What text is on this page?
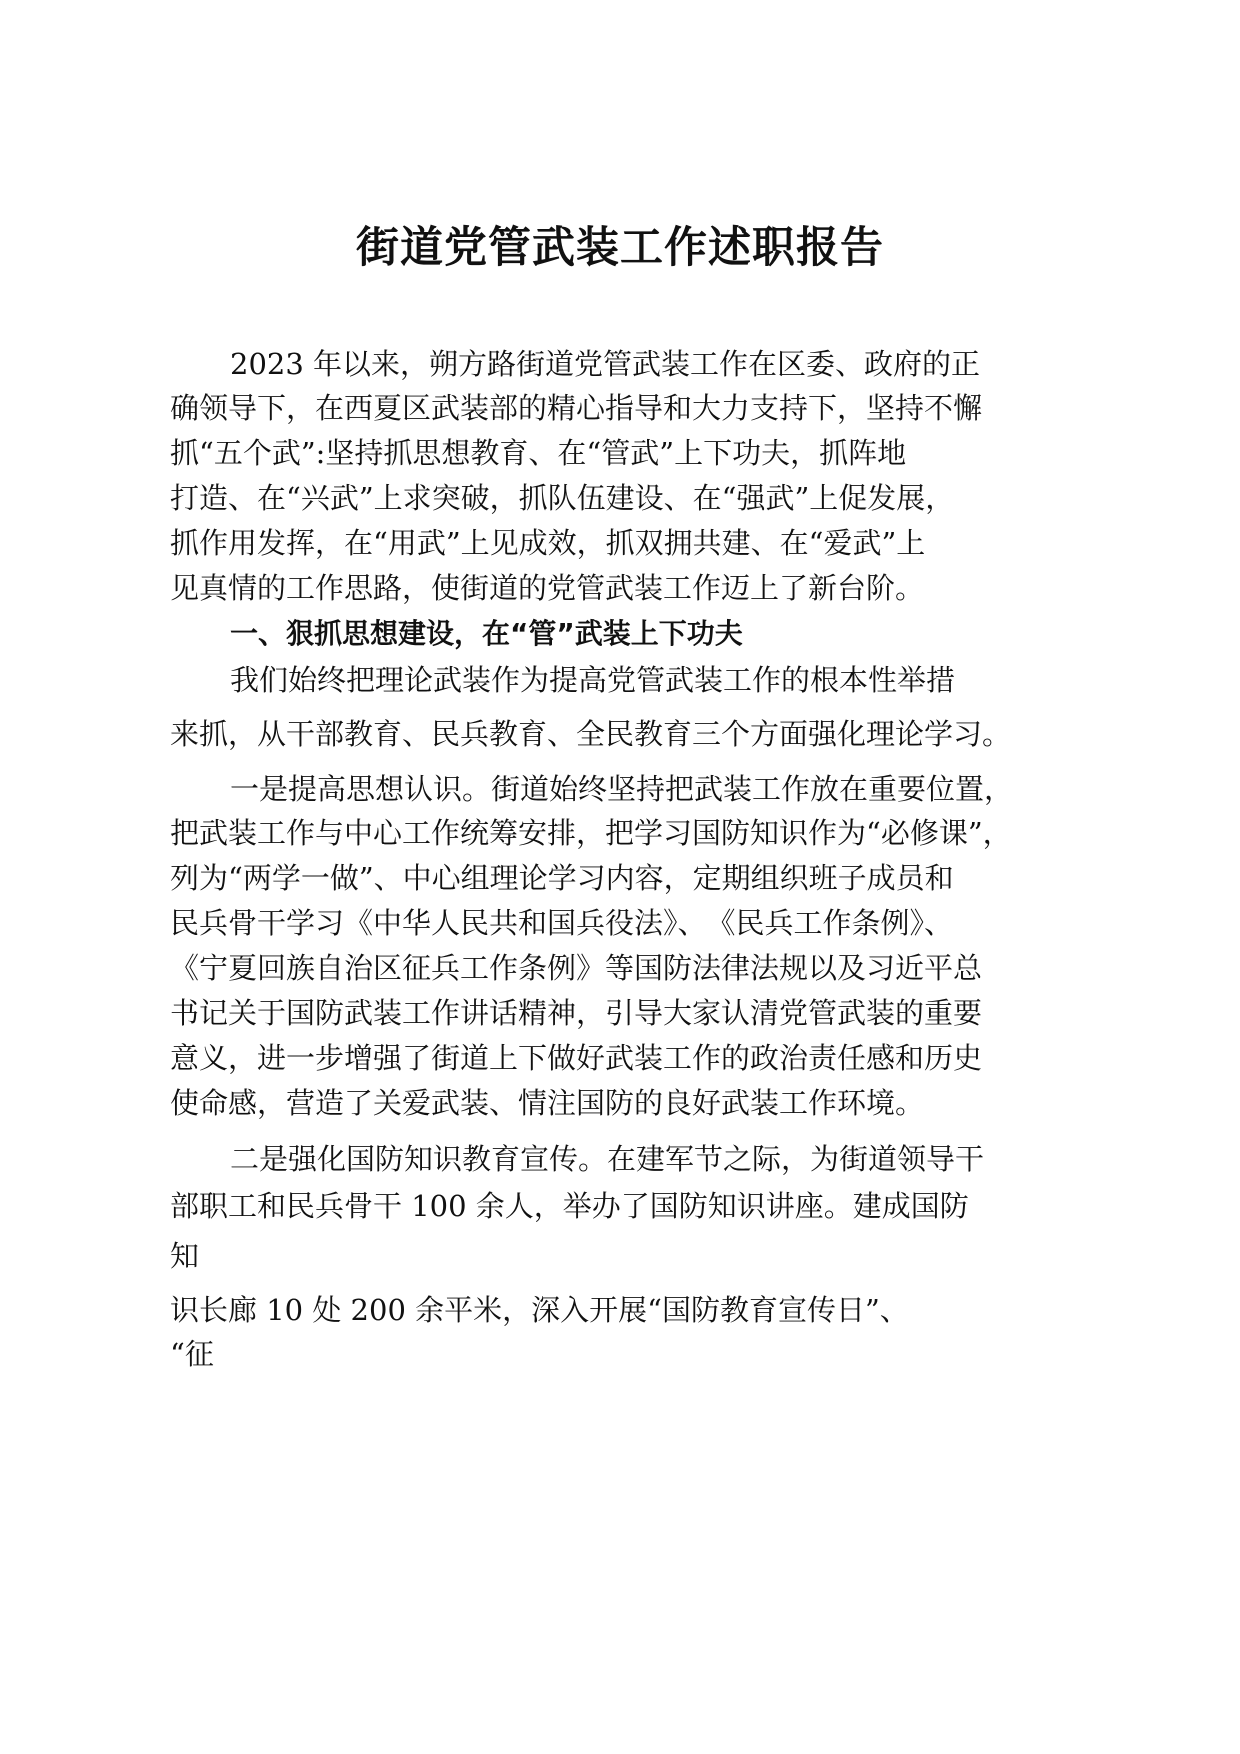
街道党管武装工作述职报告

2023 年以来，朔方路街道党管武装工作在区委、政府的正

确领导下，在西夏区武装部的精心指导和大力支持下，坚持不懈

抓“五个武”:坚持抓思想教育、在“管武”上下功夫，抓阵地

打造、在“兴武”上求突破，抓队伍建设、在“强武”上促发展，

抓作用发挥，在“用武”上见成效，抓双拥共建、在“爱武”上

见真情的工作思路，使街道的党管武装工作迈上了新台阶。

一、狠抓思想建设，在“管”武装上下功夫

我们始终把理论武装作为提高党管武装工作的根本性举措

来抓，从干部教育、民兵教育、全民教育三个方面强化理论学习。

一是提高思想认识。街道始终坚持把武装工作放在重要位置，

把武装工作与中心工作统筹安排，把学习国防知识作为“必修课”，

列为“两学一做”、中心组理论学习内容，定期组织班子成员和

民兵骨干学习《中华人民共和国兵役法》、　《民兵工作条例》、

《宁夏回族自治区征兵工作条例》等国防法律法规以及习近平总

书记关于国防武装工作讲话精神，引导大家认清党管武装的重要

意义，进一步增强了街道上下做好武装工作的政治责任感和历史

使命感，营造了关爱武装、情注国防的良好武装工作环境。

二是强化国防知识教育宣传。在建军节之际，为街道领导干

部职工和民兵骨干 100 余人，举办了国防知识讲座。建成国防

知

识长廊 10 处 200 余平米，深入开展“国防教育宣传日”、

“征
